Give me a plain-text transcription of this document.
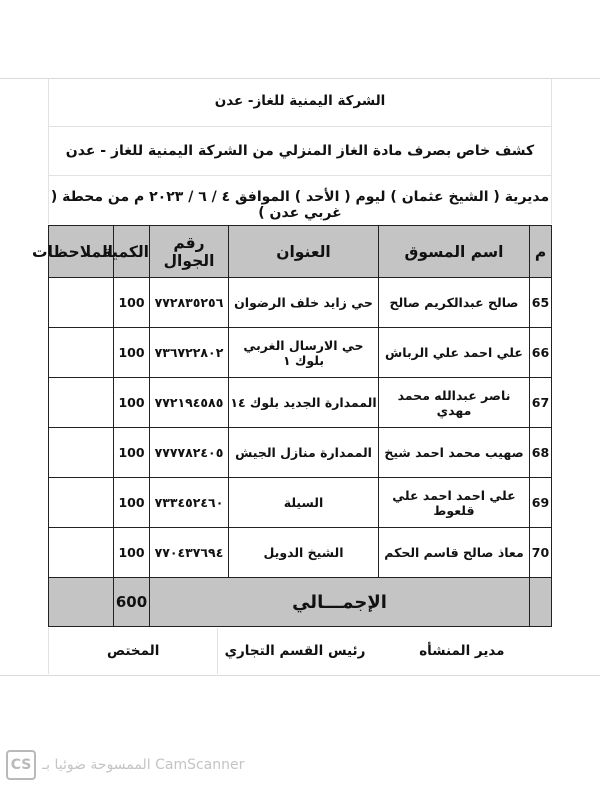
الشركة اليمنية للغاز- عدن
كشف خاص بصرف مادة الغاز المنزلي من الشركة اليمنية للغاز - عدن
مديرية ( الشيخ عثمان ) ليوم ( الأحد ) الموافق ٤ / ٦ / ٢٠٢٣ م من محطة ( غربي عدن )
م	اسم المسوق	العنوان	رقم الجوال	الكمية	الملاحظات
65	صالح عبدالكريم صالح	حي زايد خلف الرضوان	٧٧٢٨٣٥٢٥٦	100	
66	علي احمد علي الرباش	حي الارسال الغربي بلوك ١	٧٣٦٧٢٢٨٠٢	100	
67	ناصر عبدالله محمد مهدي	الممدارة الجديد بلوك ١٤	٧٧٢١٩٤٥٨٥	100	
68	صهيب محمد احمد شيخ	الممدارة منازل الجيش	٧٧٧٧٨٢٤٠٥	100	
69	علي احمد احمد علي قلعوط	السيلة	٧٣٣٤٥٢٤٦٠	100	
70	معاذ صالح قاسم الحكم	الشيخ الدويل	٧٧٠٤٣٧٦٩٤	100	
	الإجمـــالي			600	
المختص	رئيس القسم التجاري	مدير المنشأه
CS الممسوحة ضوئيا بـ CamScanner
